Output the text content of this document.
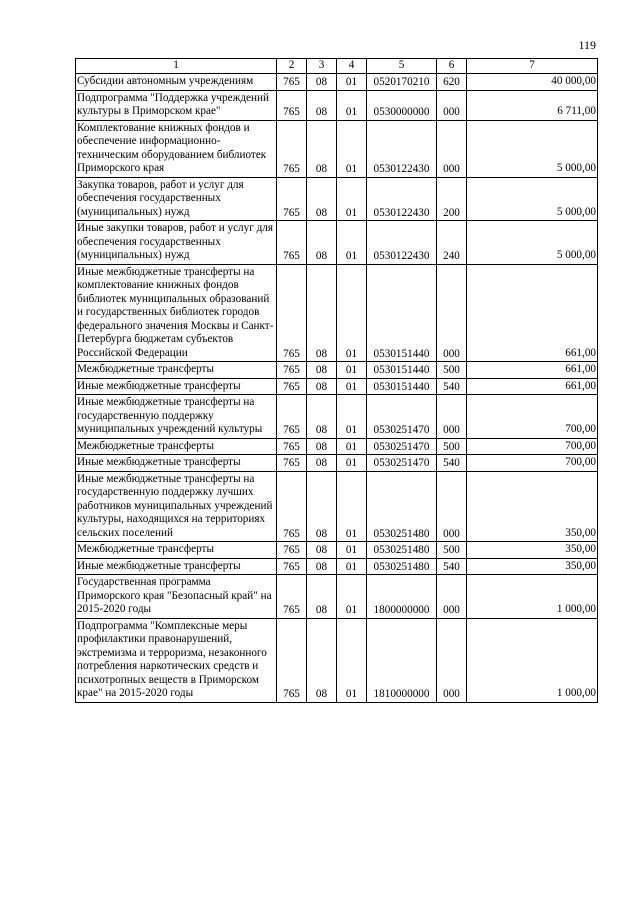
119
1	2	3	4	5	6	7
Субсидии автономным учреждениям	765	08	01	0520170210	620	40 000,00
Подпрограмма "Поддержка учреждений культуры в Приморском крае"	765	08	01	0530000000	000	6 711,00
Комплектование книжных фондов и обеспечение информационно-техническим оборудованием библиотек Приморского края	765	08	01	0530122430	000	5 000,00
Закупка товаров, работ и услуг для обеспечения государственных (муниципальных) нужд	765	08	01	0530122430	200	5 000,00
Иные закупки товаров, работ и услуг для обеспечения государственных (муниципальных) нужд	765	08	01	0530122430	240	5 000,00
Иные межбюджетные трансферты на комплектование книжных фондов библиотек муниципальных образований и государственных библиотек городов федерального значения Москвы и Санкт-Петербурга бюджетам субъектов Российской Федерации	765	08	01	0530151440	000	661,00
Межбюджетные трансферты	765	08	01	0530151440	500	661,00
Иные межбюджетные трансферты	765	08	01	0530151440	540	661,00
Иные межбюджетные трансферты на государственную поддержку муниципальных учреждений культуры	765	08	01	0530251470	000	700,00
Межбюджетные трансферты	765	08	01	0530251470	500	700,00
Иные межбюджетные трансферты	765	08	01	0530251470	540	700,00
Иные межбюджетные трансферты на государственную поддержку лучших работников муниципальных учреждений культуры, находящихся на территориях сельских поселений	765	08	01	0530251480	000	350,00
Межбюджетные трансферты	765	08	01	0530251480	500	350,00
Иные межбюджетные трансферты	765	08	01	0530251480	540	350,00
Государственная программа Приморского края "Безопасный край" на 2015-2020 годы	765	08	01	1800000000	000	1 000,00
Подпрограмма "Комплексные меры профилактики правонарушений, экстремизма и терроризма, незаконного потребления наркотических средств и психотропных веществ в Приморском крае" на 2015-2020 годы	765	08	01	1810000000	000	1 000,00
